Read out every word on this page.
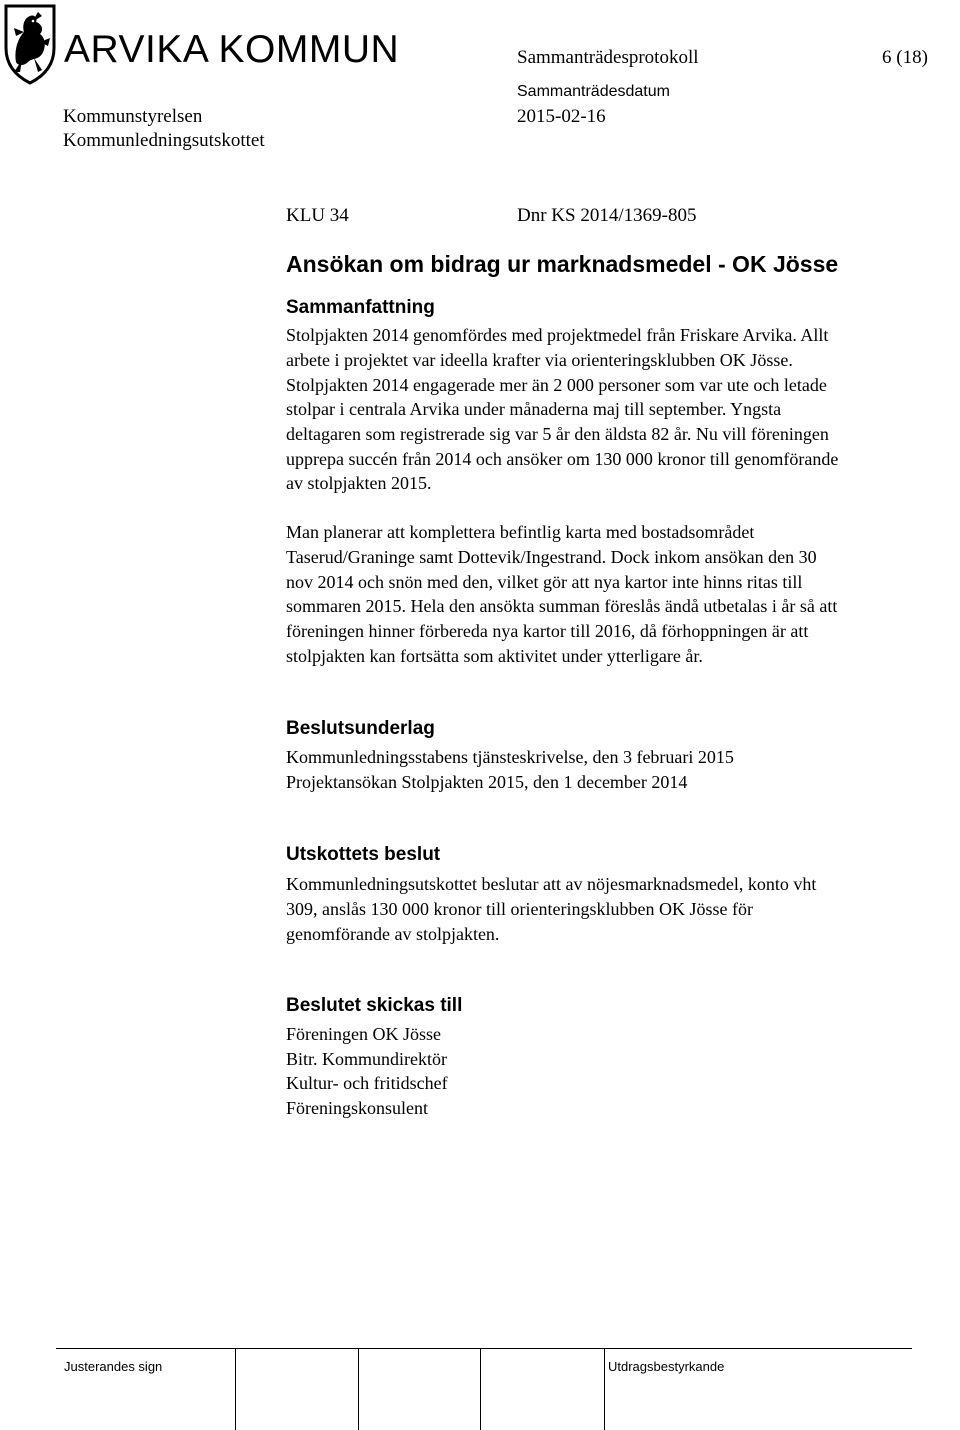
ARVIKA KOMMUN	Sammanträdesprotokoll	6 (18)
Kommunstyrelsen
Kommunledningsutskottet
Sammanträdesdatum
2015-02-16
KLU 34	Dnr KS 2014/1369-805
Ansökan om bidrag ur marknadsmedel - OK Jösse
Sammanfattning
Stolpjakten 2014 genomfördes med projektmedel från Friskare Arvika. Allt
arbete i projektet var ideella krafter via orienteringsklubben OK Jösse.
Stolpjakten 2014 engagerade mer än 2 000 personer som var ute och letade
stolpar i centrala Arvika under månaderna maj till september. Yngsta
deltagaren som registrerade sig var 5 år den äldsta 82 år. Nu vill föreningen
upprepa succén från 2014 och ansöker om 130 000 kronor till genomförande
av stolpjakten 2015.
Man planerar att komplettera befintlig karta med bostadsområdet
Taserud/Graninge samt Dottevik/Ingestrand. Dock inkom ansökan den 30
nov 2014 och snön med den, vilket gör att nya kartor inte hinns ritas till
sommaren 2015. Hela den ansökta summan föreslås ändå utbetalas i år så att
föreningen hinner förbereda nya kartor till 2016, då förhoppningen är att
stolpjakten kan fortsätta som aktivitet under ytterligare år.
Beslutsunderlag
Kommunledningsstabens tjänsteskrivelse, den 3 februari 2015
Projektansökan Stolpjakten 2015, den 1 december 2014
Utskottets beslut
Kommunledningsutskottet beslutar att av nöjesmarknadsmedel, konto vht
309, anslås 130 000 kronor till orienteringsklubben OK Jösse för
genomförande av stolpjakten.
Beslutet skickas till
Föreningen OK Jösse
Bitr. Kommundirektör
Kultur- och fritidschef
Föreningskonsulent
Justerandes sign	Utdragsbestyrkande
